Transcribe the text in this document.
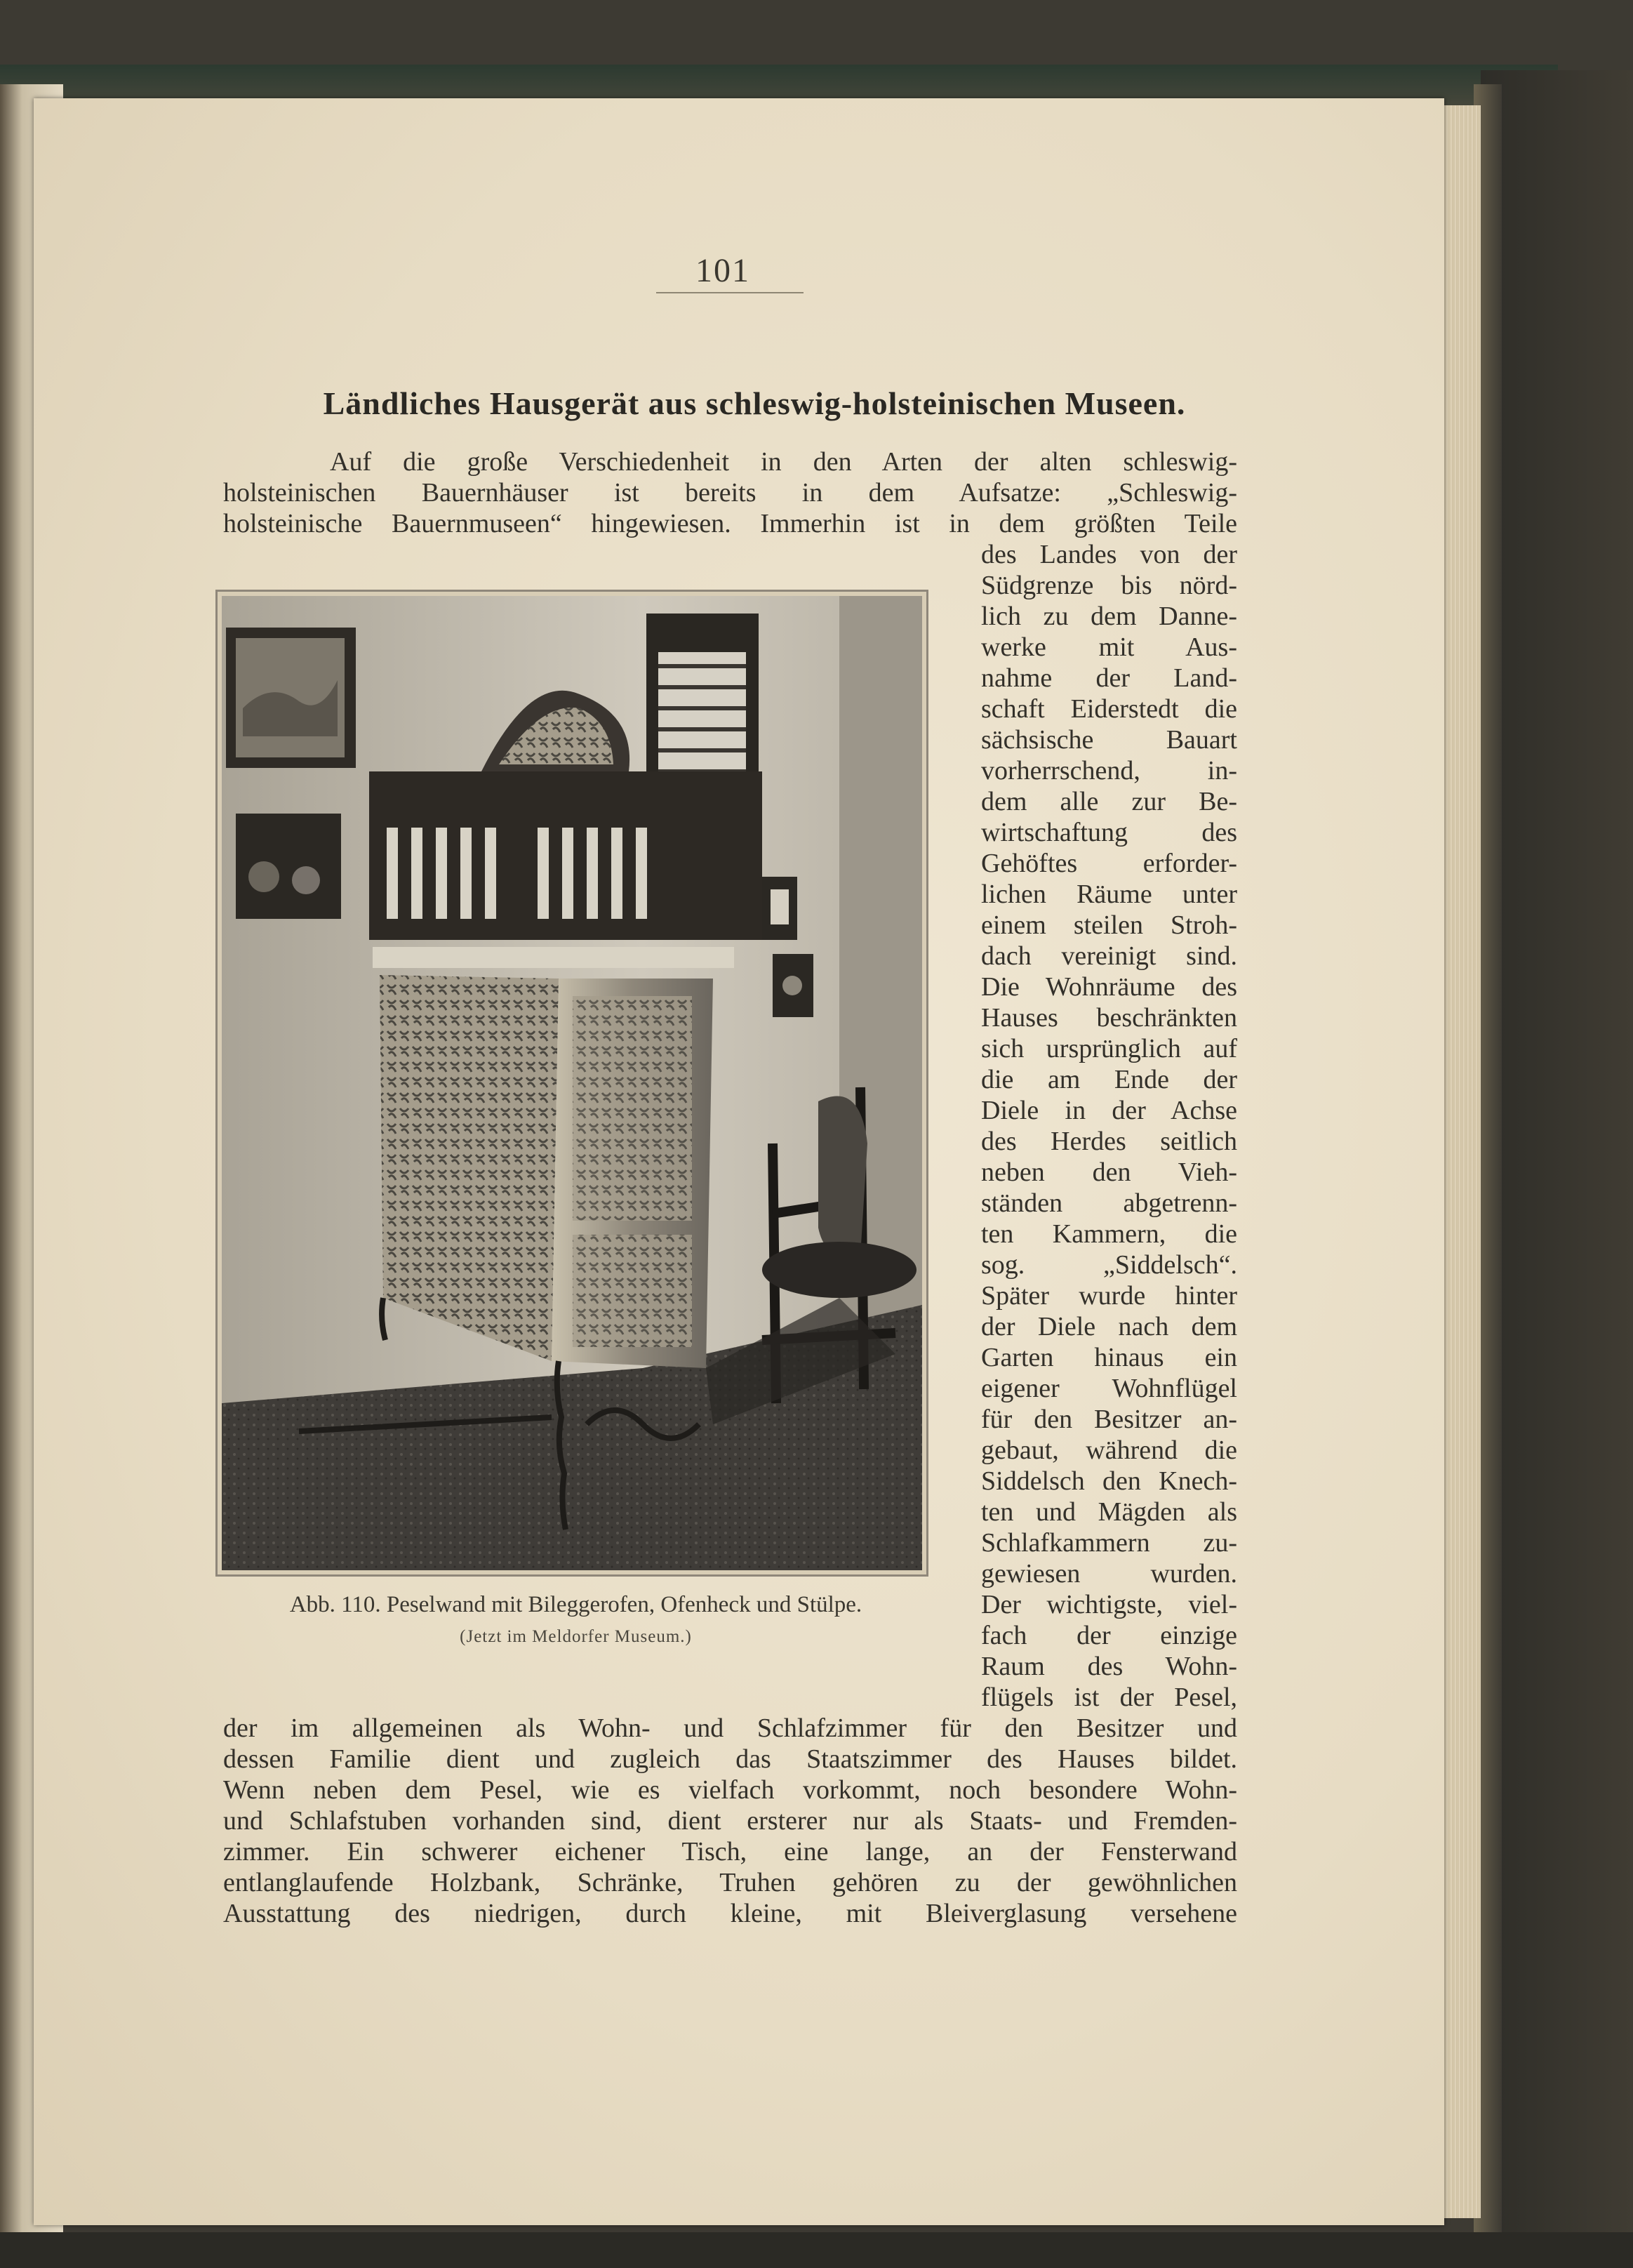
101
Ländliches Hausgerät aus schleswig-holsteinischen Museen.
Auf die große Verschiedenheit in den Arten der alten schleswig-
holsteinischen Bauernhäuser ist bereits in dem Aufsatze: „Schleswig-
holsteinische Bauernmuseen“ hingewiesen. Immerhin ist in dem größten Teile
Abb. 110. Peselwand mit Bileggerofen, Ofenheck und Stülpe.
(Jetzt im Meldorfer Museum.)
des Landes von der
Südgrenze bis nörd-
lich zu dem Danne-
werke mit Aus-
nahme der Land-
schaft Eiderstedt die
sächsische Bauart
vorherrschend, in-
dem alle zur Be-
wirtschaftung des
Gehöftes erforder-
lichen Räume unter
einem steilen Stroh-
dach vereinigt sind.
Die Wohnräume des
Hauses beschränkten
sich ursprünglich auf
die am Ende der
Diele in der Achse
des Herdes seitlich
neben den Vieh-
ständen abgetrenn-
ten Kammern, die
sog. „Siddelsch“.
Später wurde hinter
der Diele nach dem
Garten hinaus ein
eigener Wohnflügel
für den Besitzer an-
gebaut, während die
Siddelsch den Knech-
ten und Mägden als
Schlafkammern zu-
gewiesen wurden.
Der wichtigste, viel-
fach der einzige
Raum des Wohn-
flügels ist der Pesel,
der im allgemeinen als Wohn- und Schlafzimmer für den Besitzer und
dessen Familie dient und zugleich das Staatszimmer des Hauses bildet.
Wenn neben dem Pesel, wie es vielfach vorkommt, noch besondere Wohn-
und Schlafstuben vorhanden sind, dient ersterer nur als Staats- und Fremden-
zimmer. Ein schwerer eichener Tisch, eine lange, an der Fensterwand
entlanglaufende Holzbank, Schränke, Truhen gehören zu der gewöhnlichen
Ausstattung des niedrigen, durch kleine, mit Bleiverglasung versehene
